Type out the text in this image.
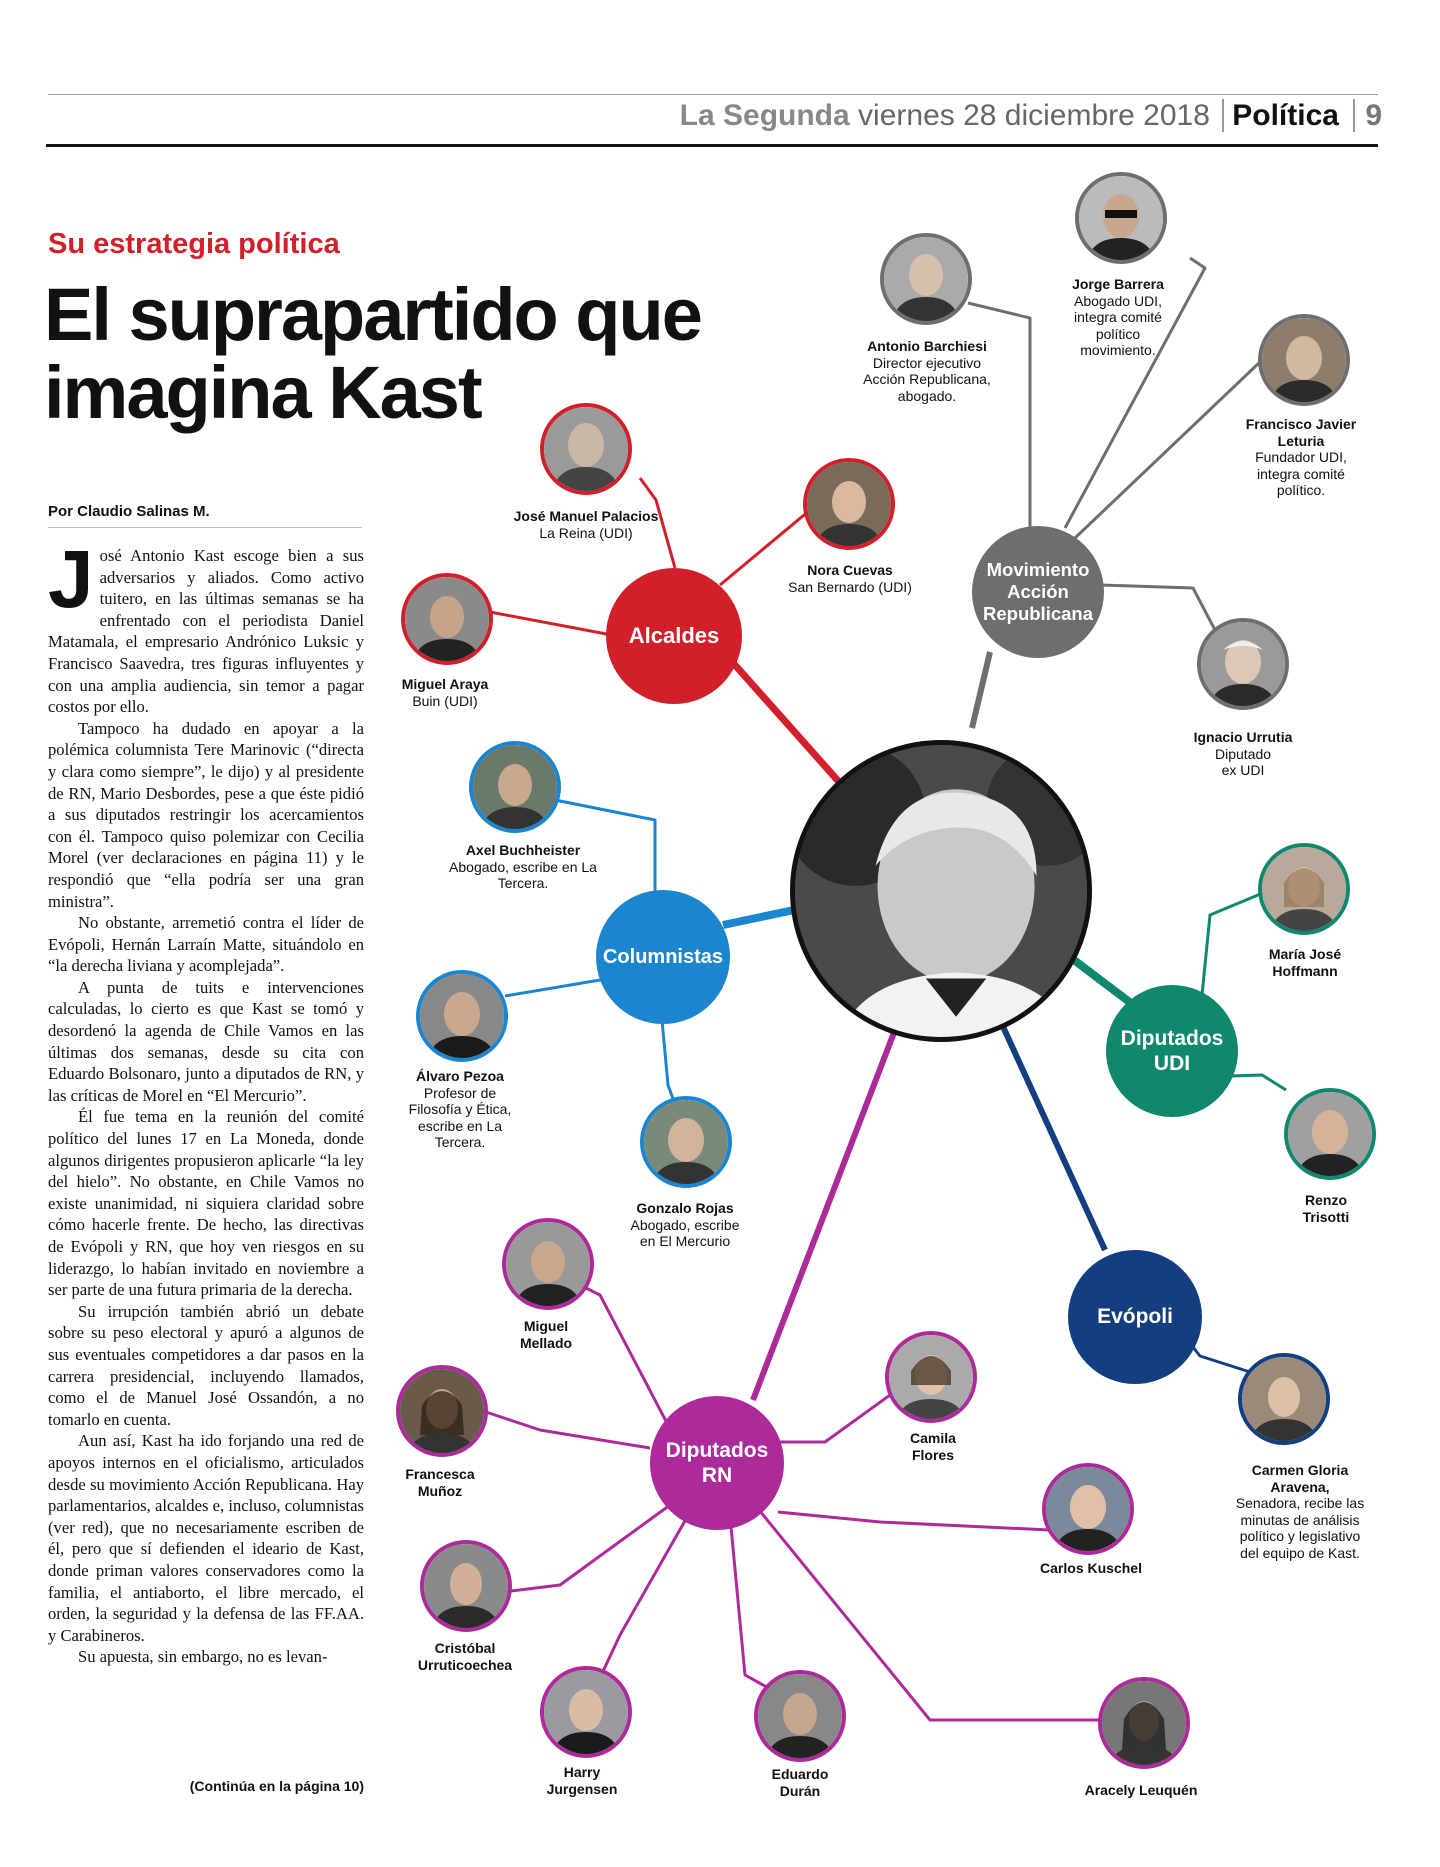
La Segunda viernes 28 diciembre 2018 Política 9
Su estrategia política
El suprapartido que imagina Kast
Por Claudio Salinas M.

José Antonio Kast escoge bien a sus adversarios y aliados. Como activo tuitero, en las últimas semanas se ha enfrentado con el periodista Daniel Matamala, el empresario Andrónico Luksic y Francisco Saavedra, tres figuras influyentes y con una amplia audiencia, sin temor a pagar costos por ello.

Tampoco ha dudado en apoyar a la polémica columnista Tere Marinovic (“directa y clara como siempre”, le dijo) y al presidente de RN, Mario Desbordes, pese a que éste pidió a sus diputados restringir los acercamientos con él. Tampoco quiso polemizar con Cecilia Morel (ver declaraciones en página 11) y le respondió que “ella podría ser una gran ministra”.

No obstante, arremetió contra el líder de Evópoli, Hernán Larraín Matte, situándolo en “la derecha liviana y acomplejada”.

A punta de tuits e intervenciones calculadas, lo cierto es que Kast se tomó y desordenó la agenda de Chile Vamos en las últimas dos semanas, desde su cita con Eduardo Bolsonaro, junto a diputados de RN, y las críticas de Morel en “El Mercurio”.

Él fue tema en la reunión del comité político del lunes 17 en La Moneda, donde algunos dirigentes propusieron aplicarle “la ley del hielo”. No obstante, en Chile Vamos no existe unanimidad, ni siquiera claridad sobre cómo hacerle frente. De hecho, las directivas de Evópoli y RN, que hoy ven riesgos en su liderazgo, lo habían invitado en noviembre a ser parte de una futura primaria de la derecha.

Su irrupción también abrió un debate sobre su peso electoral y apuró a algunos de sus eventuales competidores a dar pasos en la carrera presidencial, incluyendo llamados, como el de Manuel José Ossandón, a no tomarlo en cuenta.

Aun así, Kast ha ido forjando una red de apoyos internos en el oficialismo, articulados desde su movimiento Acción Republicana. Hay parlamentarios, alcaldes e, incluso, columnistas (ver red), que no necesariamente escriben de él, pero que sí defienden el ideario de Kast, donde priman valores conservadores como la familia, el antiaborto, el libre mercado, el orden, la seguridad y la defensa de las FF.AA. y Carabineros.

Su apuesta, sin embargo, no es levan-

(Continúa en la página 10)
Alcaldes
Movimiento Acción Republicana
Columnistas
Diputados UDI
Evópoli
Diputados RN
José Manuel Palacios
La Reina (UDI)
Nora Cuevas
San Bernardo (UDI)
Miguel Araya
Buin (UDI)
Antonio Barchiesi
Director ejecutivo Acción Republicana, abogado.
Jorge Barrera
Abogado UDI, integra comité político movimiento.
Francisco Javier Leturia
Fundador UDI, integra comité político.
Ignacio Urrutia
Diputado ex UDI
Axel Buchheister
Abogado, escribe en La Tercera.
Álvaro Pezoa
Profesor de Filosofía y Ética, escribe en La Tercera.
Gonzalo Rojas
Abogado, escribe en El Mercurio
María José Hoffmann
Renzo Trisotti
Carmen Gloria Aravena,
Senadora, recibe las minutas de análisis político y legislativo del equipo de Kast.
Miguel Mellado
Francesca Muñoz
Camila Flores
Carlos Kuschel
Cristóbal Urruticoechea
Harry Jurgensen
Eduardo Durán	Aracely Leuquén
